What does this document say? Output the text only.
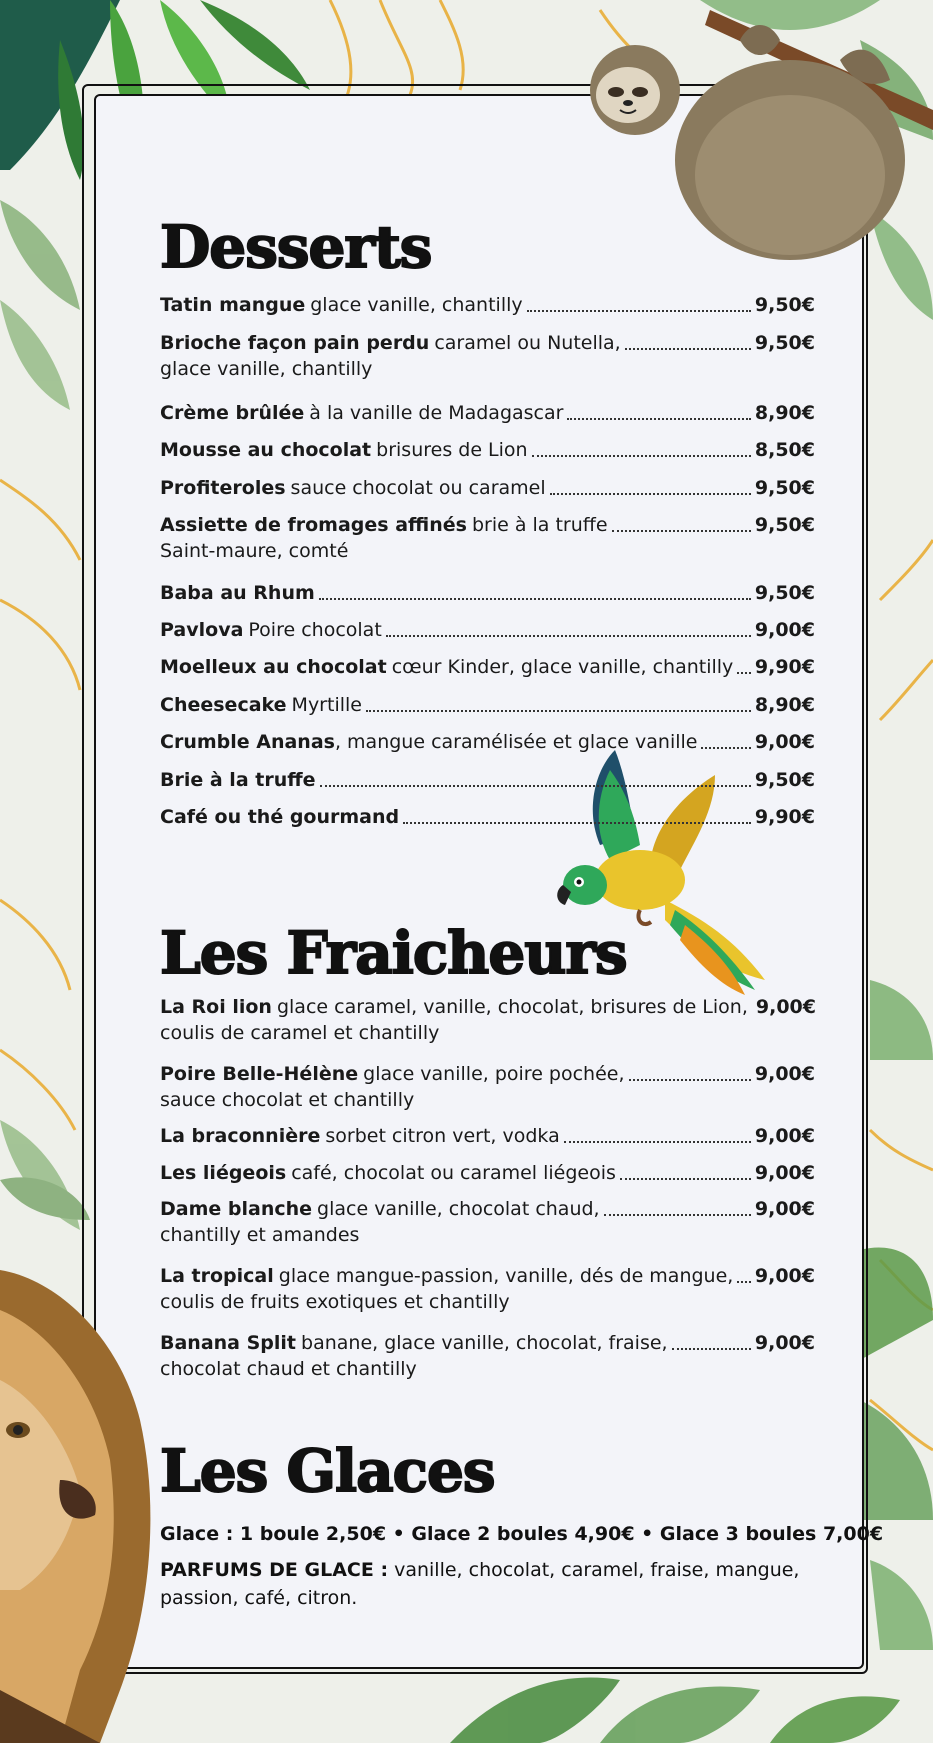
Desserts
Tatin mangue glace vanille, chantilly	9,50€
Brioche façon pain perdu caramel ou Nutella,	9,50€
glace vanille, chantilly
Crème brûlée à la vanille de Madagascar	8,90€
Mousse au chocolat brisures de Lion	8,50€
Profiteroles sauce chocolat ou caramel	9,50€
Assiette de fromages affinés brie à la truffe	9,50€
Saint-maure, comté
Baba au Rhum	9,50€
Pavlova Poire chocolat	9,00€
Moelleux au chocolat cœur Kinder, glace vanille, chantilly 9,90€
Cheesecake Myrtille	8,90€
Crumble Ananas , mangue caramélisée et glace vanille	9,00€
Brie à la truffe	9,50€
Café ou thé gourmand	9,90€
Les Fraicheurs
La Roi lion glace caramel, vanille, chocolat, brisures de Lion, 9,00€
coulis de caramel et chantilly
Poire Belle-Hélène glace vanille, poire pochée,	9,00€
sauce chocolat et chantilly
La braconnière sorbet citron vert, vodka	9,00€
Les liégeois café, chocolat ou caramel liégeois	9,00€
Dame blanche glace vanille, chocolat chaud,	9,00€
chantilly et amandes
La tropical glace mangue-passion, vanille, dés de mangue, 9,00€
coulis de fruits exotiques et chantilly
Banana Split banane, glace vanille, chocolat, fraise,	9,00€
chocolat chaud et chantilly
Les Glaces
Glace : 1 boule 2,50€ • Glace 2 boules 4,90€ • Glace 3 boules 7,00€
PARFUMS DE GLACE : vanille, chocolat, caramel, fraise, mangue, passion, café, citron.
